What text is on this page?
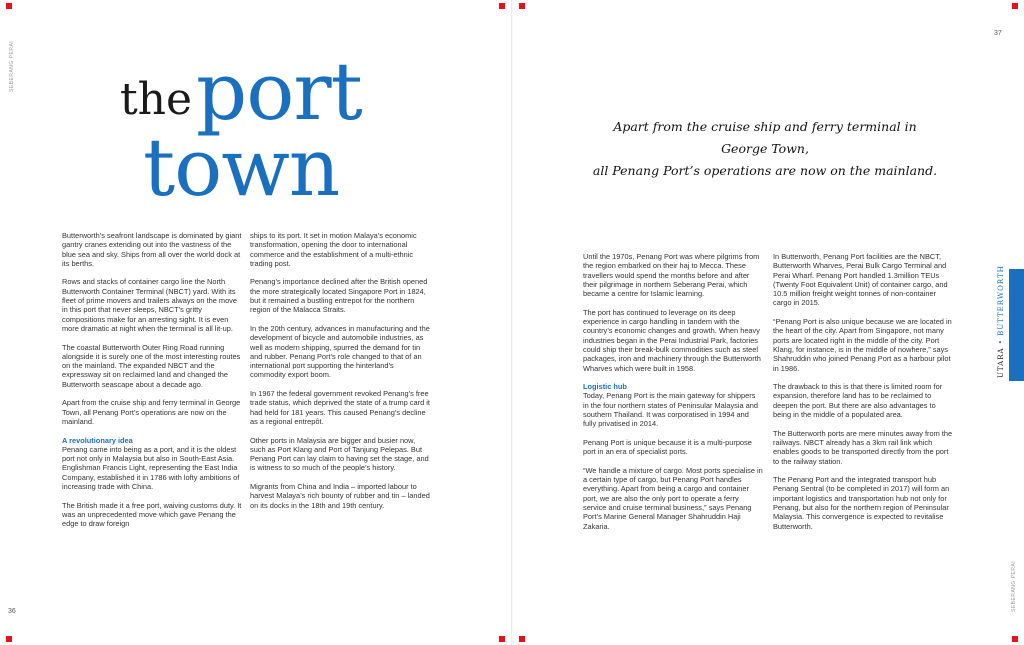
SEBERANG PERAI
36
the port
town

Butterworth’s seafront landscape is dominated by giant gantry cranes extending out into the vastness of the blue sea and sky. Ships from all over the world dock at its berths.

Rows and stacks of container cargo line the North Butterworth Container Terminal (NBCT) yard. With its fleet of prime movers and trailers always on the move in this port that never sleeps, NBCT’s gritty compositions make for an arresting sight. It is even more dramatic at night when the terminal is all lit-up.

The coastal Butterworth Outer Ring Road running alongside it is surely one of the most interesting routes on the mainland. The expanded NBCT and the expressway sit on reclaimed land and changed the Butterworth seascape about a decade ago.

Apart from the cruise ship and ferry terminal in George Town, all Penang Port’s operations are now on the mainland.

A revolutionary idea

Penang came into being as a port, and it is the oldest port not only in Malaysia but also in South-East Asia. Englishman Francis Light, representing the East India Company, established it in 1786 with lofty ambitions of increasing trade with China.

The British made it a free port, waiving customs duty. It was an unprecedented move which gave Penang the edge to draw foreign

ships to its port. It set in motion Malaya’s economic transformation, opening the door to international commerce and the establishment of a multi-ethnic trading post.

Penang’s importance declined after the British opened the more strategically located Singapore Port in 1824, but it remained a bustling entrepot for the northern region of the Malacca Straits.

In the 20th century, advances in manufacturing and the development of bicycle and automobile industries, as well as modern shipping, spurred the demand for tin and rubber. Penang Port’s role changed to that of an international port supporting the hinterland’s commodity export boom.

In 1967 the federal government revoked Penang’s free trade status, which deprived the state of a trump card it had held for 181 years. This caused Penang’s decline as a regional entrepôt.

Other ports in Malaysia are bigger and busier now, such as Port Klang and Port of Tanjung Pelepas. But Penang Port can lay claim to having set the stage, and is witness to so much of the people’s history.

Migrants from China and India – imported labour to harvest Malaya’s rich bounty of rubber and tin – landed on its docks in the 18th and 19th century.

37
SEBERANG PERAI
Apart from the cruise ship and ferry terminal in George Town,
all Penang Port’s operations are now on the mainland.
UTARA • BUTTERWORTH

Until the 1970s, Penang Port was where pilgrims from the region embarked on their haj to Mecca. These travellers would spend the months before and after their pilgrimage in northern Seberang Perai, which became a centre for Islamic learning.

The port has continued to leverage on its deep experience in cargo handling in tandem with the country’s economic changes and growth. When heavy industries began in the Perai Industrial Park, factories could ship their break-bulk commodities such as steel packages, iron and machinery through the Butterworth Wharves which were built in 1958.

Logistic hub

Today, Penang Port is the main gateway for shippers in the four northern states of Peninsular Malaysia and southern Thailand. It was corporatised in 1994 and fully privatised in 2014.

Penang Port is unique because it is a multi-purpose port in an era of specialist ports.

“We handle a mixture of cargo. Most ports specialise in a certain type of cargo, but Penang Port handles everything. Apart from being a cargo and container port, we are also the only port to operate a ferry service and cruise terminal business,” says Penang Port’s Marine General Manager Shahruddin Haji Zakaria.

In Butterworth, Penang Port facilities are the NBCT, Butterworth Wharves, Perai Bulk Cargo Terminal and Perai Wharf. Penang Port handled 1.3million TEUs (Twenty Foot Equivalent Unit) of container cargo, and 10.5 million freight weight tonnes of non-container cargo in 2015.

“Penang Port is also unique because we are located in the heart of the city. Apart from Singapore, not many ports are located right in the middle of the city. Port Klang, for instance, is in the middle of nowhere,” says Shahruddin who joined Penang Port as a harbour pilot in 1986.

The drawback to this is that there is limited room for expansion, therefore land has to be reclaimed to deepen the port. But there are also advantages to being in the middle of a populated area.

The Butterworth ports are mere minutes away from the railways. NBCT already has a 3km rail link which enables goods to be transported directly from the port to the railway station.

The Penang Port and the integrated transport hub Penang Sentral (to be completed in 2017) will form an important logistics and transportation hub not only for Penang, but also for the northern region of Peninsular Malaysia. This convergence is expected to revitalise Butterworth.
